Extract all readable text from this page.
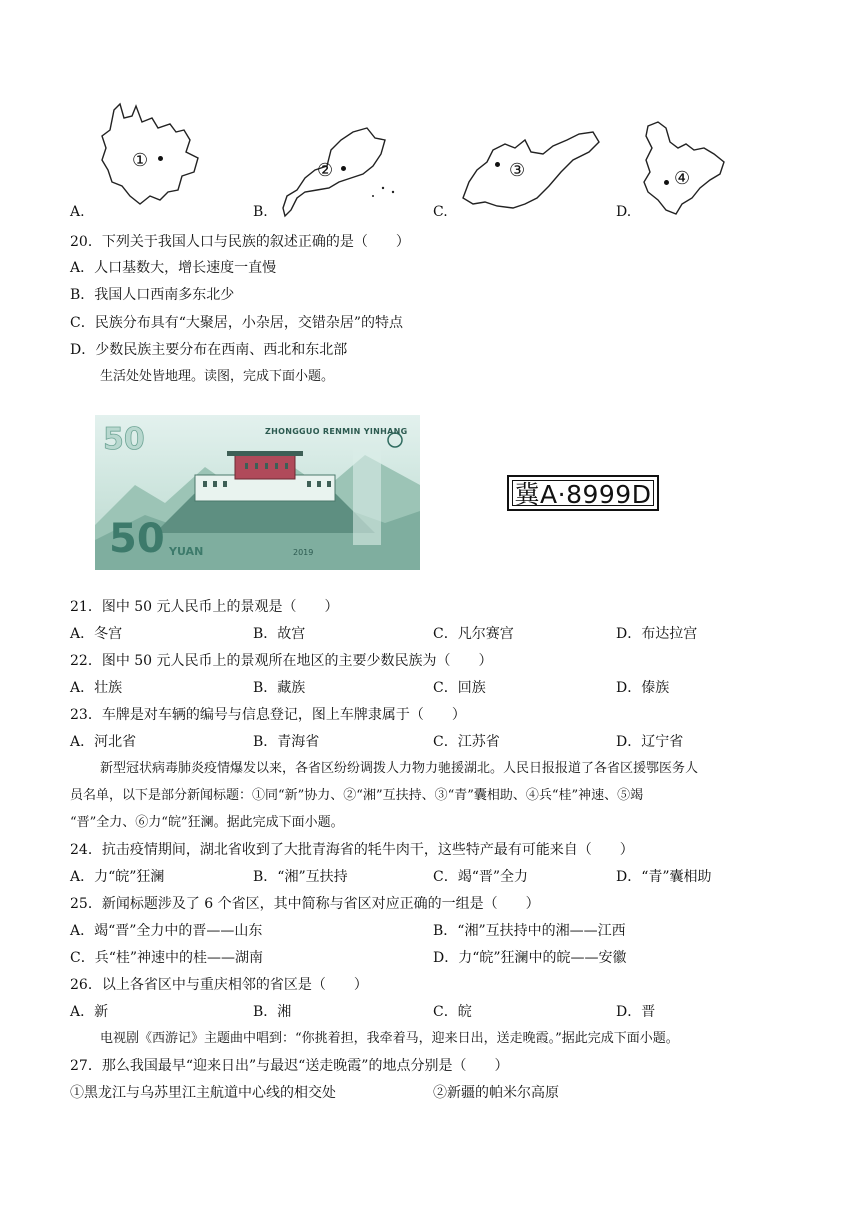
A.
①
B.
②
C.
③
D.
④
20．下列关于我国人口与民族的叙述正确的是（　　）
A．人口基数大，增长速度一直慢
B．我国人口西南多东北少
C．民族分布具有“大聚居，小杂居，交错杂居”的特点
D．少数民族主要分布在西南、西北和东北部
生活处处皆地理。读图，完成下面小题。
50	ZHONGGUO RENMIN YINHANG
50 YUAN	2019
冀A·8999D
21．图中 50 元人民币上的景观是（　　）
A．冬宫	B．故宫	C．凡尔赛宫	D．布达拉宫
22．图中 50 元人民币上的景观所在地区的主要少数民族为（　　）
A．壮族	B．藏族	C．回族	D．傣族
23．车牌是对车辆的编号与信息登记，图上车牌隶属于（　　）
A．河北省	B．青海省	C．江苏省	D．辽宁省
新型冠状病毒肺炎疫情爆发以来，各省区纷纷调拨人力物力驰援湖北。人民日报报道了各省区援鄂医务人
员名单，以下是部分新闻标题：①同“新”协力、②“湘”互扶持、③“青”囊相助、④兵“桂”神速、⑤竭
“晋”全力、⑥力“皖”狂澜。据此完成下面小题。
24．抗击疫情期间，湖北省收到了大批青海省的牦牛肉干，这些特产最有可能来自（　　）
A．力“皖”狂澜	B．“湘”互扶持	C．竭“晋”全力	D．“青”囊相助
25．新闻标题涉及了 6 个省区，其中简称与省区对应正确的一组是（　　）
A．竭“晋”全力中的晋——山东	B．“湘”互扶持中的湘——江西
C．兵“桂”神速中的桂——湖南	D．力“皖”狂澜中的皖——安徽
26．以上各省区中与重庆相邻的省区是（　　）
A．新	B．湘	C．皖	D．晋
电视剧《西游记》主题曲中唱到：“你挑着担，我牵着马，迎来日出，送走晚霞。”据此完成下面小题。
27．那么我国最早“迎来日出”与最迟“送走晚霞”的地点分别是（　　）
①黑龙江与乌苏里江主航道中心线的相交处	②新疆的帕米尔高原
